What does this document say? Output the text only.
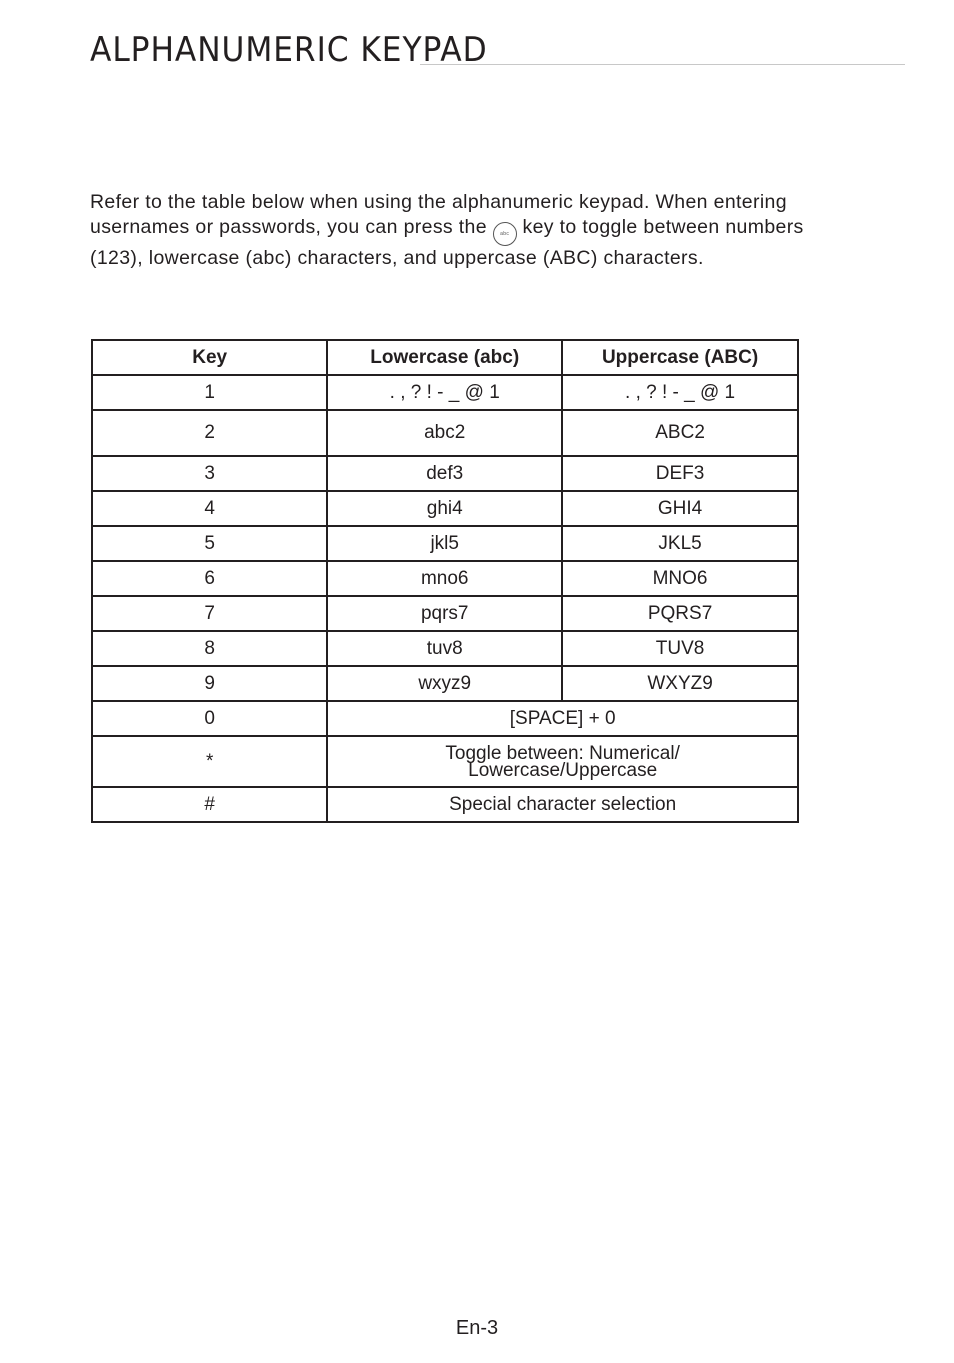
ALPHANUMERIC KEYPAD

Refer to the table below when using the alphanumeric keypad. When entering usernames or passwords, you can press the abc key to toggle between numbers (123), lowercase (abc) characters, and uppercase (ABC) characters.

Key	Lowercase (abc)	Uppercase (ABC)
1	. , ? ! - _ @ 1	. , ? ! - _ @ 1
2	abc2	ABC2
3	def3	DEF3
4	ghi4	GHI4
5	jkl5	JKL5
6	mno6	MNO6
7	pqrs7	PQRS7
8	tuv8	TUV8
9	wxyz9	WXYZ9
0	[SPACE] + 0	
*	Toggle between: Numerical/
Lowercase/Uppercase	
#	Special character selection	
En-3
